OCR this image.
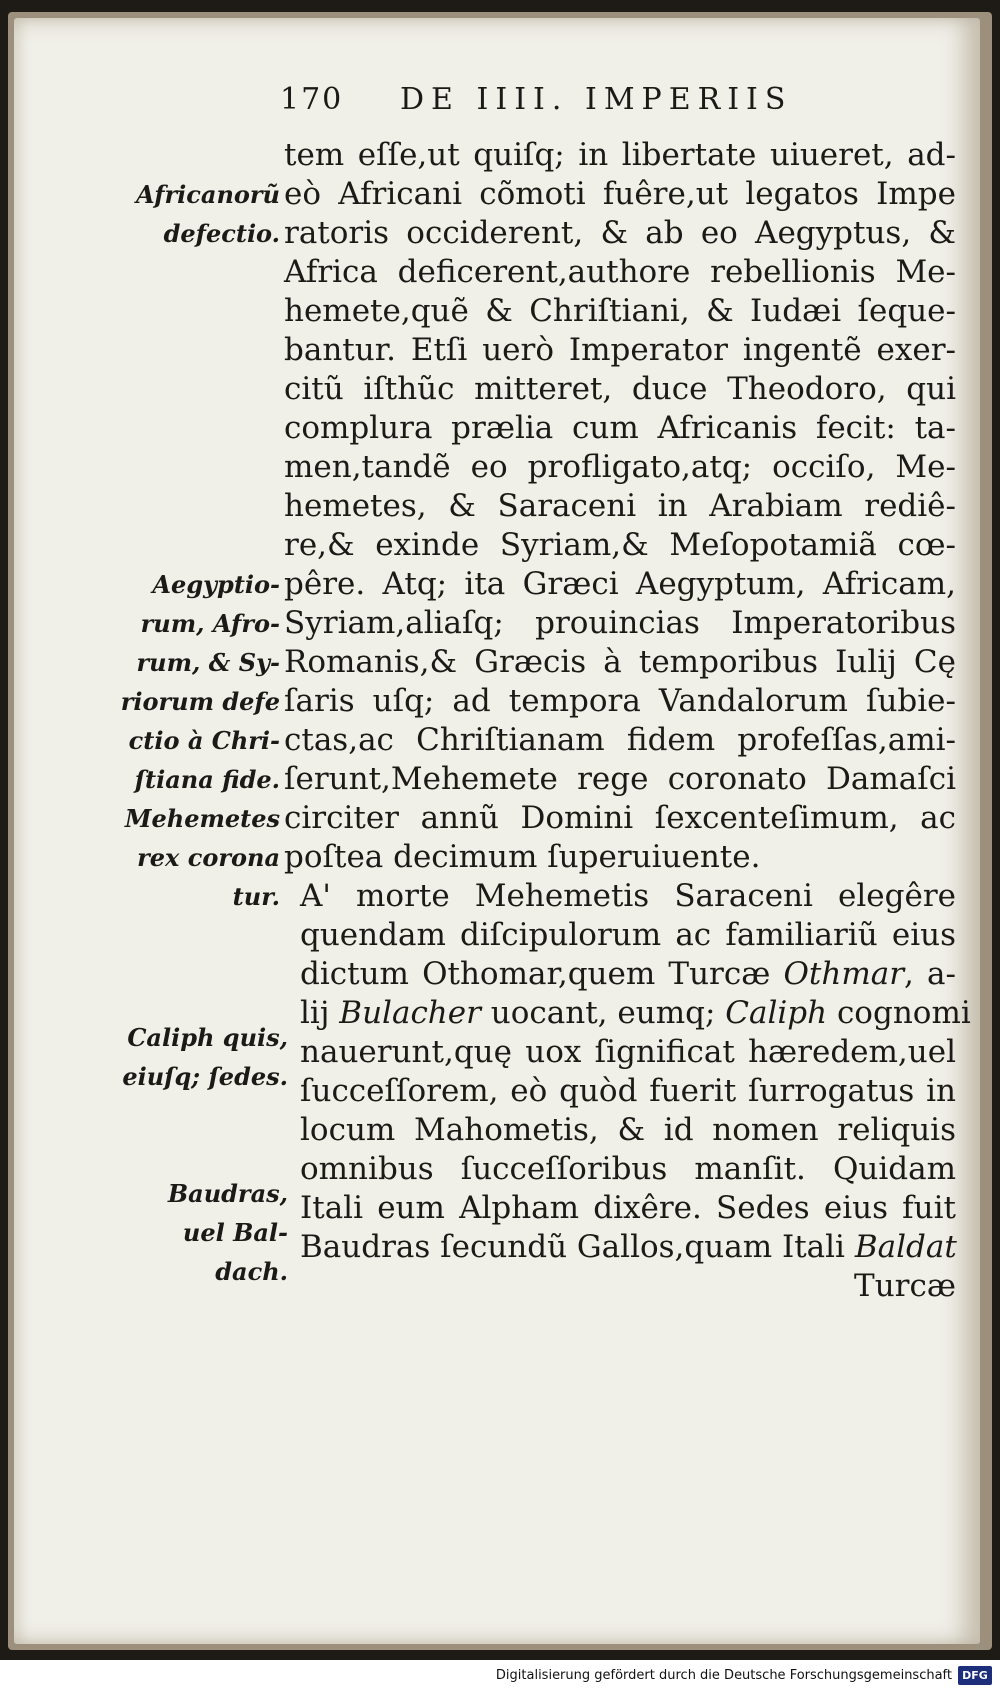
170 DE IIII. IMPERIIS
Africanorũ
defectio.
Aegyptio-
rum, Afro-
rum, & Sy-
riorum defe
ctio à Chri-
ſtiana fide.
Mehemetes
rex corona
tur.
Caliph quis,
eiuſq; ſedes.
Baudras,
uel Bal-
dach.
tem eſſe,ut quiſq; in libertate uiueret, ad-
eò Africani cõmoti fuêre,ut legatos Impe
ratoris occiderent, & ab eo Aegyptus, &
Africa deficerent,authore rebellionis Me-
hemete,quẽ & Chriſtiani, & Iudæi ſeque-
bantur. Etſi uerò Imperator ingentẽ exer-
citũ iſthũc mitteret, duce Theodoro, qui
complura prælia cum Africanis fecit: ta-
men,tandẽ eo profligato,atq; occiſo, Me-
hemetes, & Saraceni in Arabiam rediê-
re,& exinde Syriam,& Meſopotamiã cœ-
pêre. Atq; ita Græci Aegyptum, Africam,
Syriam,aliaſq; prouincias Imperatoribus
Romanis,& Græcis à temporibus Iulij Cę
ſaris uſq; ad tempora Vandalorum ſubie-
ctas,ac Chriſtianam fidem profeſſas,ami-
ſerunt,Mehemete rege coronato Damaſci
circiter annũ Domini ſexcenteſimum, ac
poſtea decimum ſuperuiuente.
A' morte Mehemetis Saraceni elegêre
quendam diſcipulorum ac familiariũ eius
dictum Othomar,quem Turcæ Othmar, a-
lij Bulacher uocant, eumq; Caliph cognomi
nauerunt,quę uox ſignificat hæredem,uel
ſucceſſorem, eò quòd fuerit ſurrogatus in
locum Mahometis, & id nomen reliquis
omnibus ſucceſſoribus manſit. Quidam
Itali eum Alpham dixêre. Sedes eius fuit
Baudras ſecundũ Gallos,quam Itali Baldat
Turcæ
Digitalisierung gefördert durch die Deutsche Forschungsgemeinschaft DFG
